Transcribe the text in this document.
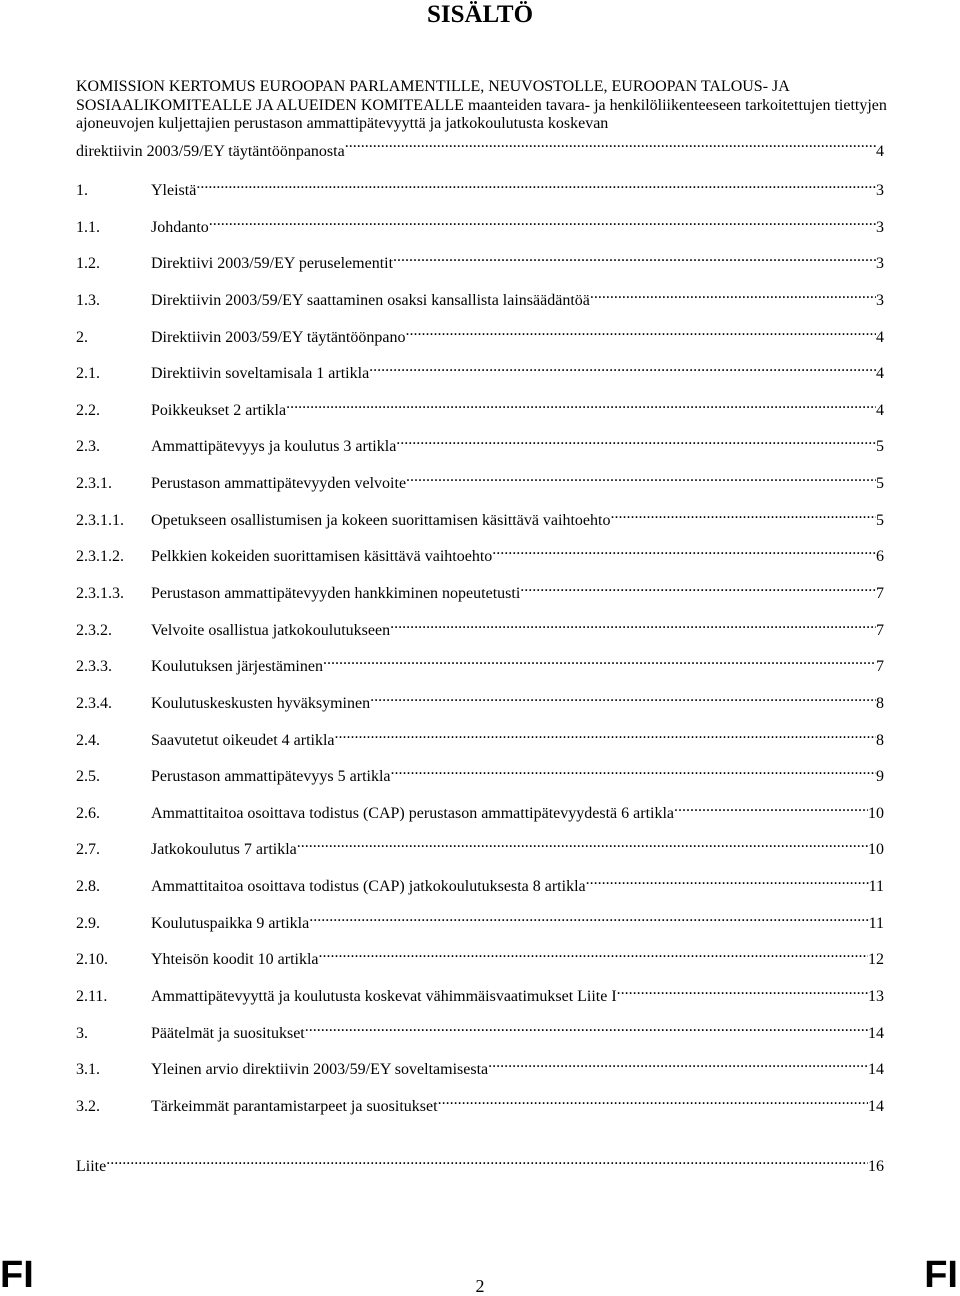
SISÄLTÖ
KOMISSION KERTOMUS EUROOPAN PARLAMENTILLE, NEUVOSTOLLE, EUROOPAN TALOUS- JA SOSIAALIKOMITEALLE JA ALUEIDEN KOMITEALLE maanteiden tavara- ja henkilöliikenteeseen tarkoitettujen tiettyjen ajoneuvojen kuljettajien perustason ammattipätevyyttä ja jatkokoulutusta koskevan
direktiivin 2003/59/EY täytäntöönpanosta .....	4
1.	Yleistä .....	3
1.1.	Johdanto .....	3
1.2.	Direktiivi 2003/59/EY peruselementit .....	3
1.3.	Direktiivin 2003/59/EY saattaminen osaksi kansallista lainsäädäntöä .....	3
2.	Direktiivin 2003/59/EY täytäntöönpano .....	4
2.1.	Direktiivin soveltamisala 1 artikla .....	4
2.2.	Poikkeukset 2 artikla .....	4
2.3.	Ammattipätevyys ja koulutus 3 artikla .....	5
2.3.1.	Perustason ammattipätevyyden velvoite .....	5
2.3.1.1.	Opetukseen osallistumisen ja kokeen suorittamisen käsittävä vaihtoehto .....	5
2.3.1.2.	Pelkkien kokeiden suorittamisen käsittävä vaihtoehto .....	6
2.3.1.3.	Perustason ammattipätevyyden hankkiminen nopeutetusti .....	7
2.3.2.	Velvoite osallistua jatkokoulutukseen .....	7
2.3.3.	Koulutuksen järjestäminen .....	7
2.3.4.	Koulutuskeskusten hyväksyminen .....	8
2.4.	Saavutetut oikeudet 4 artikla .....	8
2.5.	Perustason ammattipätevyys 5 artikla .....	9
2.6.	Ammattitaitoa osoittava todistus (CAP) perustason ammattipätevyydestä 6 artikla .....	10
2.7.	Jatkokoulutus 7 artikla .....	10
2.8.	Ammattitaitoa osoittava todistus (CAP) jatkokoulutuksesta 8 artikla .....	11
2.9.	Koulutuspaikka 9 artikla .....	11
2.10.	Yhteisön koodit 10 artikla .....	12
2.11.	Ammattipätevyyttä ja koulutusta koskevat vähimmäisvaatimukset Liite I .....	13
3.	Päätelmät ja suositukset .....	14
3.1.	Yleinen arvio direktiivin 2003/59/EY soveltamisesta .....	14
3.2.	Tärkeimmät parantamistarpeet ja suositukset .....	14
Liite .....	16
FI	2	FI
